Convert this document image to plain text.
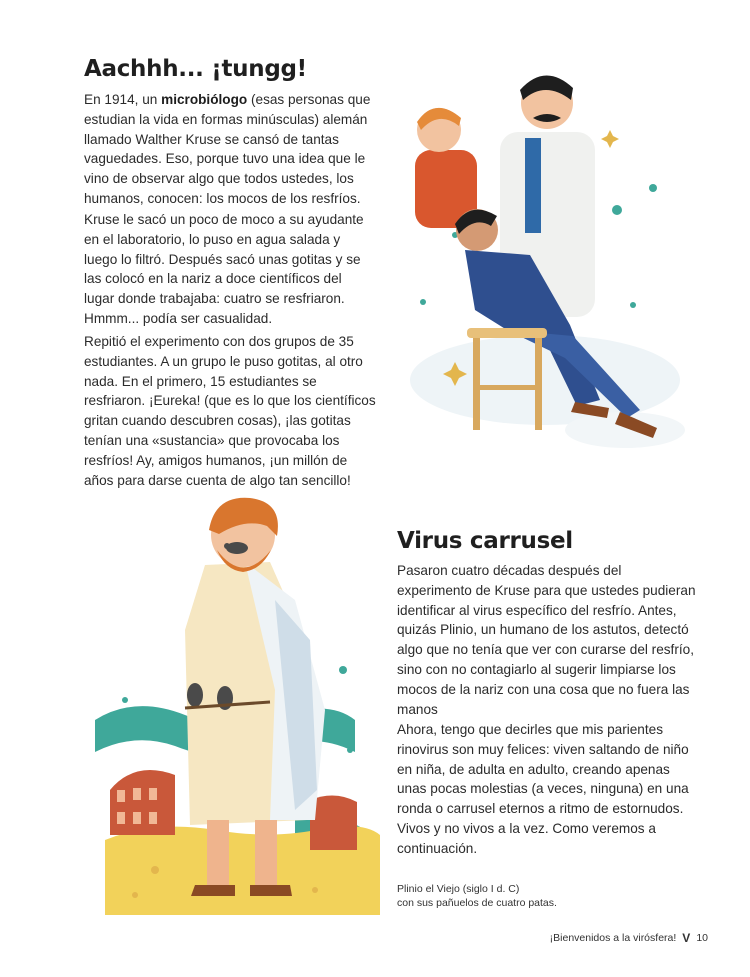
Aachhh... ¡tungg!

En 1914, un microbiólogo (esas personas que estudian la vida en formas minúsculas) alemán llamado Walther Kruse se cansó de tantas vaguedades. Eso, porque tuvo una idea que le vino de observar algo que todos ustedes, los humanos, conocen: los mocos de los resfríos.

Kruse le sacó un poco de moco a su ayudante en el laboratorio, lo puso en agua salada y luego lo filtró. Después sacó unas gotitas y se las colocó en la nariz a doce científicos del lugar donde trabajaba: cuatro se resfriaron. Hmmm... podía ser casualidad.

Repitió el experimento con dos grupos de 35 estudiantes. A un grupo le puso gotitas, al otro nada. En el primero, 15 estudiantes se resfriaron. ¡Eureka! (que es lo que los científicos gritan cuando descubren cosas), ¡las gotitas tenían una «sustancia» que provocaba los resfríos! Ay, amigos humanos, ¡un millón de años para darse cuenta de algo tan sencillo!

Virus carrusel

Pasaron cuatro décadas después del experimento de Kruse para que ustedes pudieran identificar al virus específico del resfrío. Antes, quizás Plinio, un humano de los astutos, detectó algo que no tenía que ver con curarse del resfrío, sino con no contagiarlo al sugerir limpiarse los mocos de la nariz con una cosa que no fuera las manos

Ahora, tengo que decirles que mis parientes rinovirus son muy felices: viven saltando de niño en niña, de adulta en adulto, creando apenas unas pocas molestias (a veces, ninguna) en una ronda o carrusel eternos a ritmo de estornudos. Vivos y no vivos a la vez. Como veremos a continuación.

Plinio el Viejo (siglo I d. C)
con sus pañuelos de cuatro patas.
¡Bienvenidos a la virósfera! V 10
